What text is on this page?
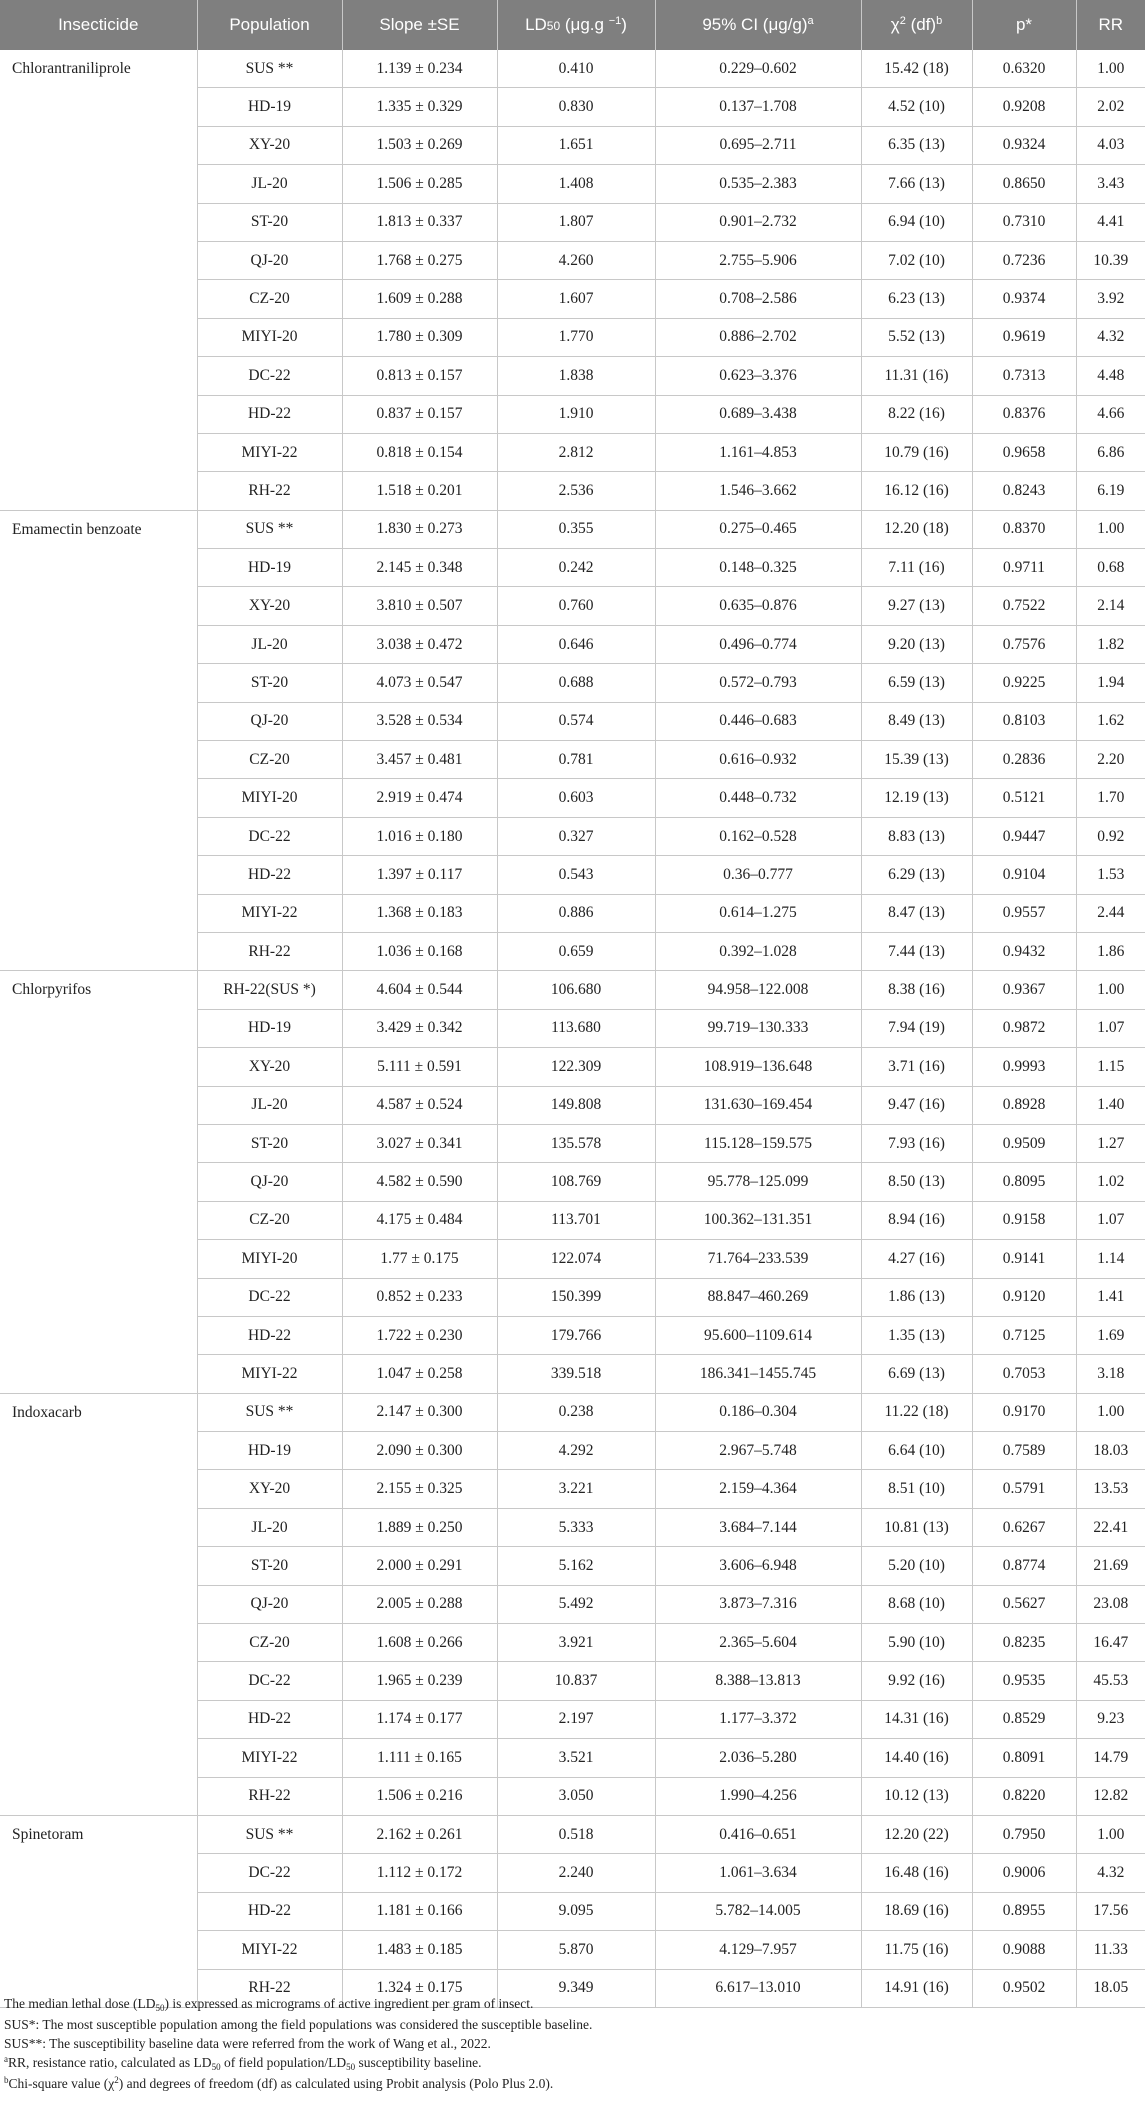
Insecticide	Population	Slope ±SE	LD50 (μg.g $^{-1}$)	95% CI $(\mu g/g)^a$	$\chi^2$ (df)$^b$	p*	RR
Chlorantraniliprole	SUS **	1.139 ± 0.234	0.410	0.229–0.602	15.42 (18)	0.6320	1.00
	HD-19	1.335 ± 0.329	0.830	0.137–1.708	4.52 (10)	0.9208	2.02
	XY-20	1.503 ± 0.269	1.651	0.695–2.711	6.35 (13)	0.9324	4.03
	JL-20	1.506 ± 0.285	1.408	0.535–2.383	7.66 (13)	0.8650	3.43
	ST-20	1.813 ± 0.337	1.807	0.901–2.732	6.94 (10)	0.7310	4.41
	QJ-20	1.768 ± 0.275	4.260	2.755–5.906	7.02 (10)	0.7236	10.39
	CZ-20	1.609 ± 0.288	1.607	0.708–2.586	6.23 (13)	0.9374	3.92
	MIYI-20	1.780 ± 0.309	1.770	0.886–2.702	5.52 (13)	0.9619	4.32
	DC-22	0.813 ± 0.157	1.838	0.623–3.376	11.31 (16)	0.7313	4.48
	HD-22	0.837 ± 0.157	1.910	0.689–3.438	8.22 (16)	0.8376	4.66
	MIYI-22	0.818 ± 0.154	2.812	1.161–4.853	10.79 (16)	0.9658	6.86
	RH-22	1.518 ± 0.201	2.536	1.546–3.662	16.12 (16)	0.8243	6.19
Emamectin benzoate	SUS **	1.830 ± 0.273	0.355	0.275–0.465	12.20 (18)	0.8370	1.00
	HD-19	2.145 ± 0.348	0.242	0.148–0.325	7.11 (16)	0.9711	0.68
	XY-20	3.810 ± 0.507	0.760	0.635–0.876	9.27 (13)	0.7522	2.14
	JL-20	3.038 ± 0.472	0.646	0.496–0.774	9.20 (13)	0.7576	1.82
	ST-20	4.073 ± 0.547	0.688	0.572–0.793	6.59 (13)	0.9225	1.94
	QJ-20	3.528 ± 0.534	0.574	0.446–0.683	8.49 (13)	0.8103	1.62
	CZ-20	3.457 ± 0.481	0.781	0.616–0.932	15.39 (13)	0.2836	2.20
	MIYI-20	2.919 ± 0.474	0.603	0.448–0.732	12.19 (13)	0.5121	1.70
	DC-22	1.016 ± 0.180	0.327	0.162–0.528	8.83 (13)	0.9447	0.92
	HD-22	1.397 ± 0.117	0.543	0.36–0.777	6.29 (13)	0.9104	1.53
	MIYI-22	1.368 ± 0.183	0.886	0.614–1.275	8.47 (13)	0.9557	2.44
	RH-22	1.036 ± 0.168	0.659	0.392–1.028	7.44 (13)	0.9432	1.86
Chlorpyrifos	RH-22(SUS *)	4.604 ± 0.544	106.680	94.958–122.008	8.38 (16)	0.9367	1.00
	HD-19	3.429 ± 0.342	113.680	99.719–130.333	7.94 (19)	0.9872	1.07
	XY-20	5.111 ± 0.591	122.309	108.919–136.648	3.71 (16)	0.9993	1.15
	JL-20	4.587 ± 0.524	149.808	131.630–169.454	9.47 (16)	0.8928	1.40
	ST-20	3.027 ± 0.341	135.578	115.128–159.575	7.93 (16)	0.9509	1.27
	QJ-20	4.582 ± 0.590	108.769	95.778–125.099	8.50 (13)	0.8095	1.02
	CZ-20	4.175 ± 0.484	113.701	100.362–131.351	8.94 (16)	0.9158	1.07
	MIYI-20	1.77 ± 0.175	122.074	71.764–233.539	4.27 (16)	0.9141	1.14
	DC-22	0.852 ± 0.233	150.399	88.847–460.269	1.86 (13)	0.9120	1.41
	HD-22	1.722 ± 0.230	179.766	95.600–1109.614	1.35 (13)	0.7125	1.69
	MIYI-22	1.047 ± 0.258	339.518	186.341–1455.745	6.69 (13)	0.7053	3.18
Indoxacarb	SUS **	2.147 ± 0.300	0.238	0.186–0.304	11.22 (18)	0.9170	1.00
	HD-19	2.090 ± 0.300	4.292	2.967–5.748	6.64 (10)	0.7589	18.03
	XY-20	2.155 ± 0.325	3.221	2.159–4.364	8.51 (10)	0.5791	13.53
	JL-20	1.889 ± 0.250	5.333	3.684–7.144	10.81 (13)	0.6267	22.41
	ST-20	2.000 ± 0.291	5.162	3.606–6.948	5.20 (10)	0.8774	21.69
	QJ-20	2.005 ± 0.288	5.492	3.873–7.316	8.68 (10)	0.5627	23.08
	CZ-20	1.608 ± 0.266	3.921	2.365–5.604	5.90 (10)	0.8235	16.47
	DC-22	1.965 ± 0.239	10.837	8.388–13.813	9.92 (16)	0.9535	45.53
	HD-22	1.174 ± 0.177	2.197	1.177–3.372	14.31 (16)	0.8529	9.23
	MIYI-22	1.111 ± 0.165	3.521	2.036–5.280	14.40 (16)	0.8091	14.79
	RH-22	1.506 ± 0.216	3.050	1.990–4.256	10.12 (13)	0.8220	12.82
Spinetoram	SUS **	2.162 ± 0.261	0.518	0.416–0.651	12.20 (22)	0.7950	1.00
	DC-22	1.112 ± 0.172	2.240	1.061–3.634	16.48 (16)	0.9006	4.32
	HD-22	1.181 ± 0.166	9.095	5.782–14.005	18.69 (16)	0.8955	17.56
	MIYI-22	1.483 ± 0.185	5.870	4.129–7.957	11.75 (16)	0.9088	11.33
	RH-22	1.324 ± 0.175	9.349	6.617–13.010	14.91 (16)	0.9502	18.05

The median lethal dose $(LD_{50})$ is expressed as micrograms of active ingredient per gram of insect.

SUS*: The most susceptible population among the field populations was considered the susceptible baseline.

SUS**: The susceptibility baseline data were referred from the work of Wang et al., 2022.

$^a$RR, resistance ratio, calculated as $LD_{50}$ of field population/$LD_{50}$ susceptibility baseline.

$^b$Chi-square value (χ$^2$) and degrees of freedom (df) as calculated using Probit analysis (Polo Plus 2.0).
